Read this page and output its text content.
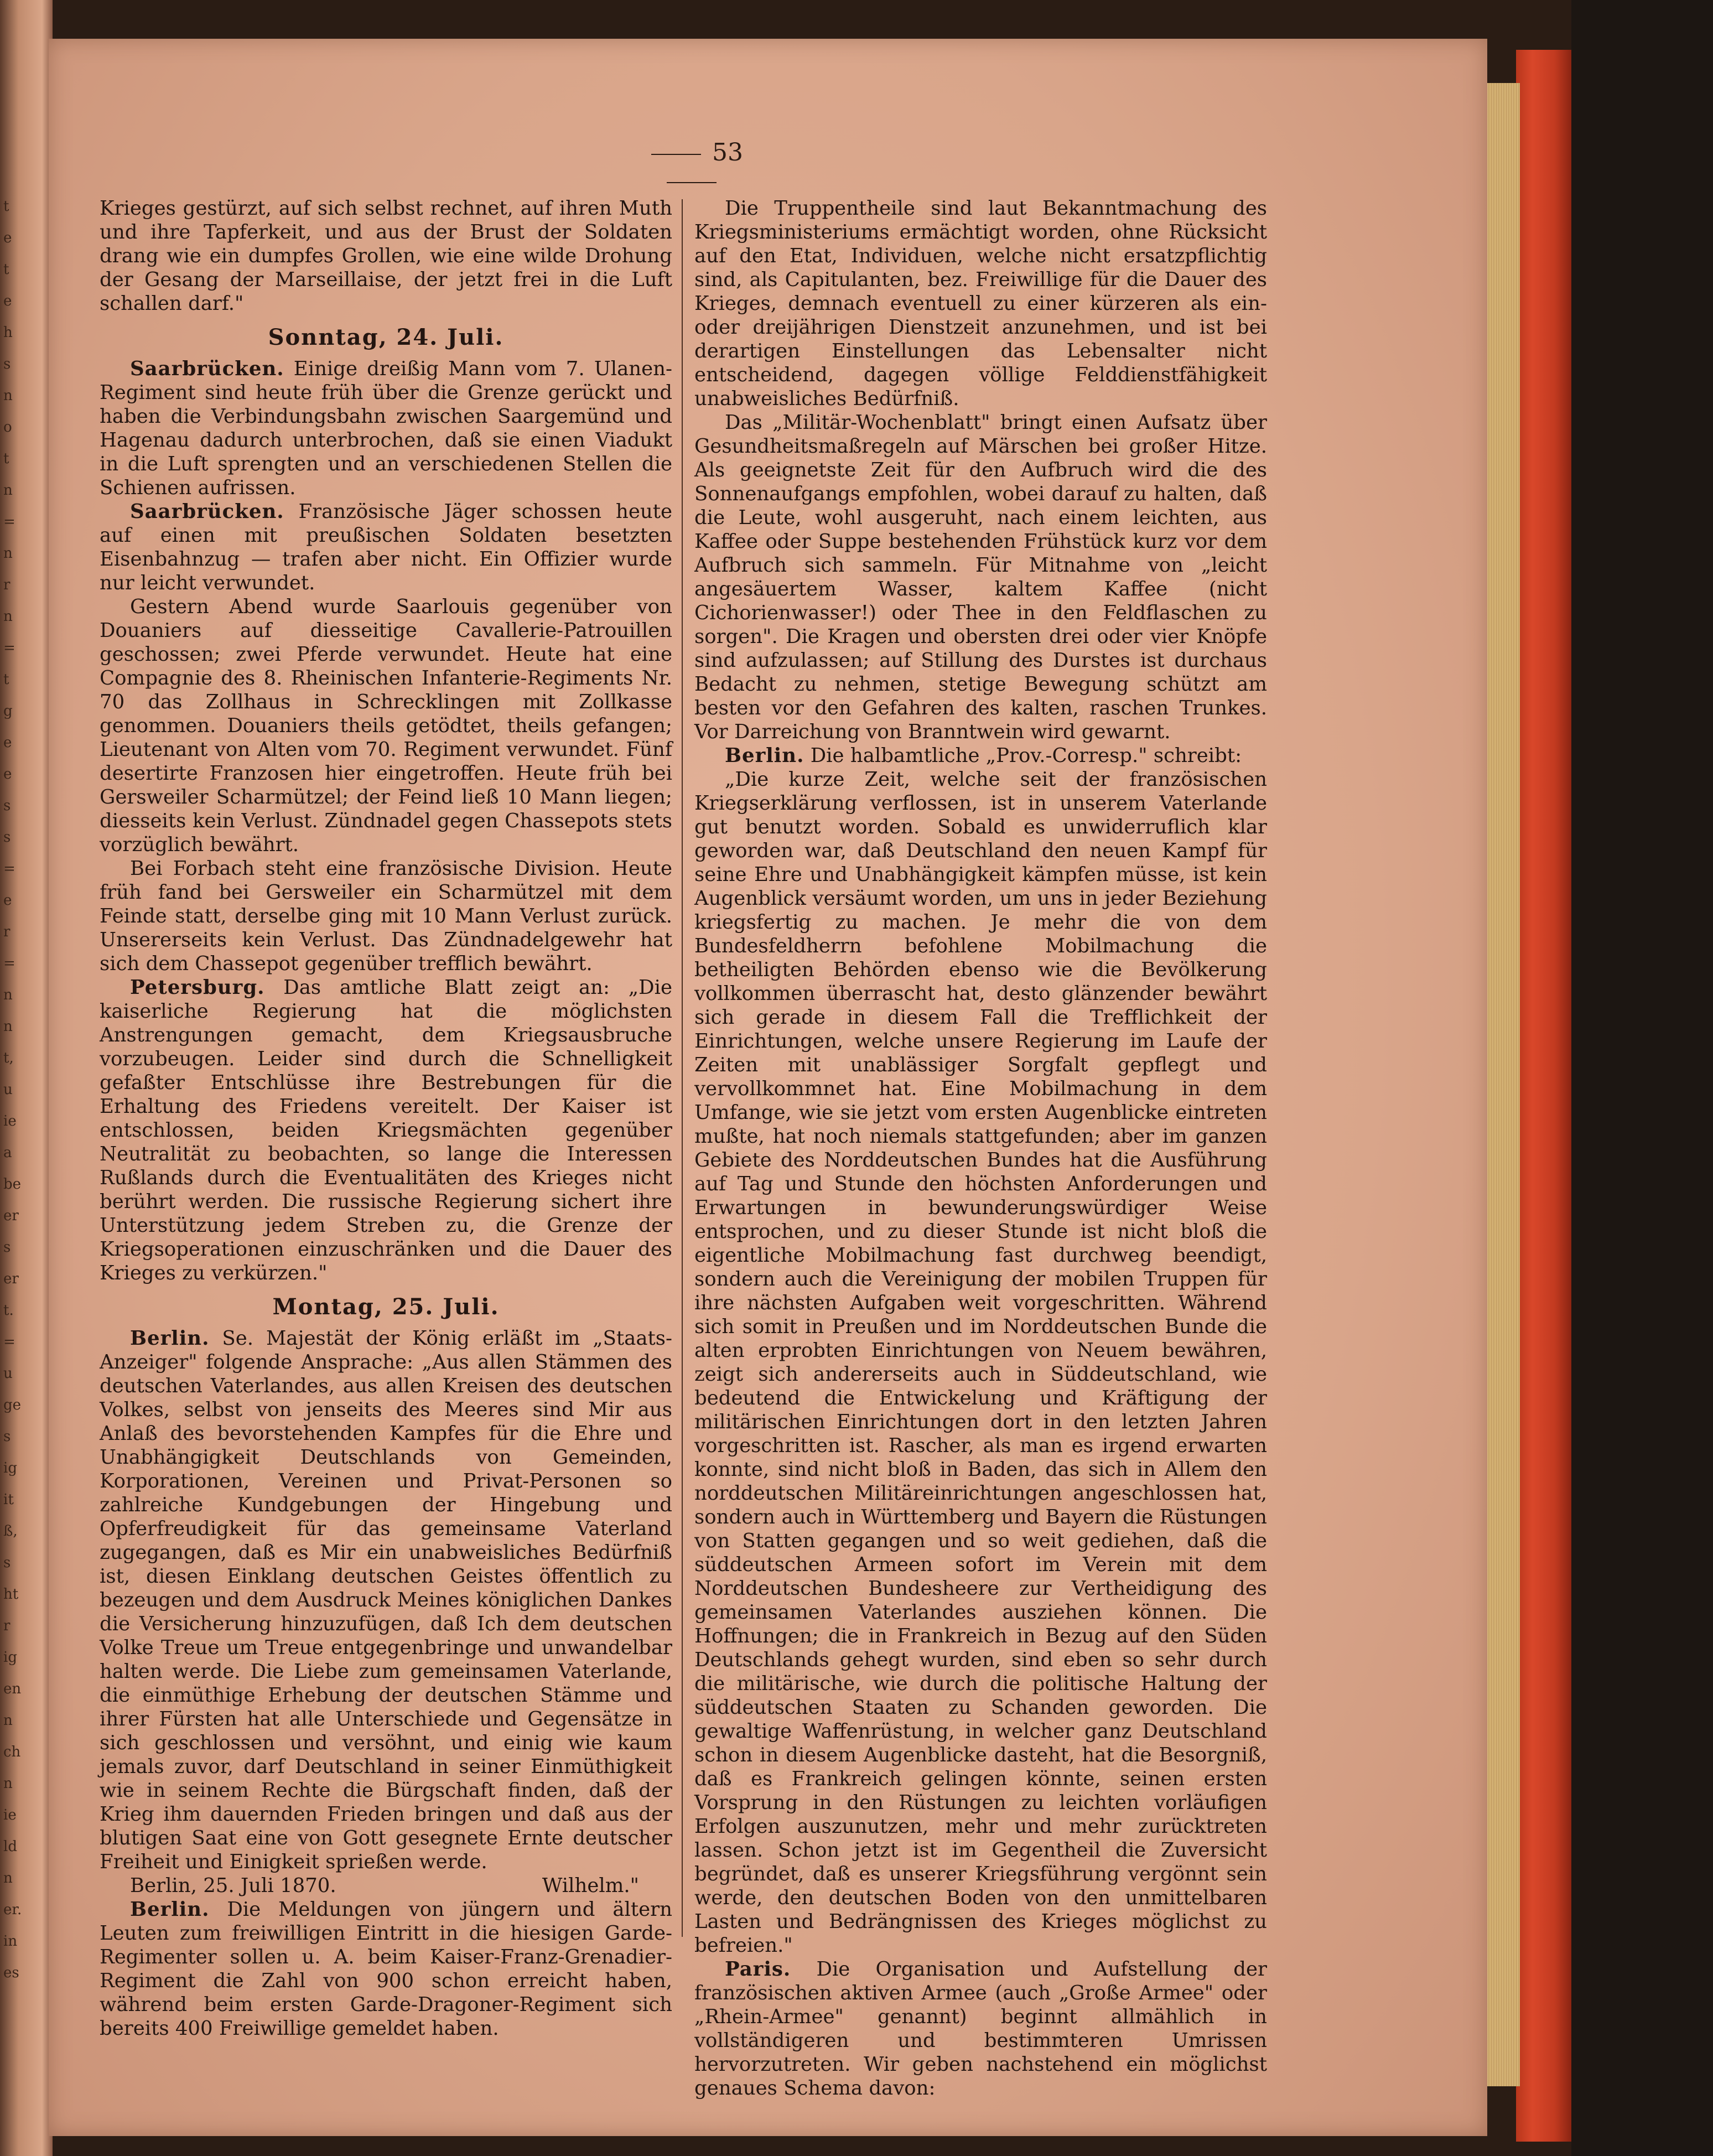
t
e
t
e
h
s
n
o
t
n
=
n
r
n
=
t
g
e
e
s
s
=
e
r
=
n
n
t,
u
ie
a
be
er
s
er
t.
=
u
ge
s
ig
it
ß,
s
ht
r
ig
en
n
ch
n
ie
ld
n
er.
in
es
53

Krieges gestürzt, auf sich selbst rechnet, auf ihren Muth und ihre Tapferkeit, und aus der Brust der Soldaten drang wie ein dumpfes Grollen, wie eine wilde Drohung der Gesang der Marseillaise, der jetzt frei in die Luft schallen darf."

Sonntag, 24. Juli.

Saarbrücken. Einige dreißig Mann vom 7. Ulanen-Regiment sind heute früh über die Grenze gerückt und haben die Verbindungsbahn zwischen Saargemünd und Hagenau dadurch unterbrochen, daß sie einen Viadukt in die Luft sprengten und an verschiedenen Stellen die Schienen aufrissen.

Saarbrücken. Französische Jäger schossen heute auf einen mit preußischen Soldaten besetzten Eisenbahnzug — trafen aber nicht. Ein Offizier wurde nur leicht verwundet.

Gestern Abend wurde Saarlouis gegenüber von Douaniers auf diesseitige Cavallerie-Patrouillen geschossen; zwei Pferde verwundet. Heute hat eine Compagnie des 8. Rheinischen Infanterie-Regiments Nr. 70 das Zollhaus in Schrecklingen mit Zollkasse genommen. Douaniers theils getödtet, theils gefangen; Lieutenant von Alten vom 70. Regiment verwundet. Fünf desertirte Franzosen hier eingetroffen. Heute früh bei Gersweiler Scharmützel; der Feind ließ 10 Mann liegen; diesseits kein Verlust. Zündnadel gegen Chassepots stets vorzüglich bewährt.

Bei Forbach steht eine französische Division. Heute früh fand bei Gersweiler ein Scharmützel mit dem Feinde statt, derselbe ging mit 10 Mann Verlust zurück. Unsererseits kein Verlust. Das Zündnadelgewehr hat sich dem Chassepot gegenüber trefflich bewährt.

Petersburg. Das amtliche Blatt zeigt an: „Die kaiserliche Regierung hat die möglichsten Anstrengungen gemacht, dem Kriegsausbruche vorzubeugen. Leider sind durch die Schnelligkeit gefaßter Entschlüsse ihre Bestrebungen für die Erhaltung des Friedens vereitelt. Der Kaiser ist entschlossen, beiden Kriegsmächten gegenüber Neutralität zu beobachten, so lange die Interessen Rußlands durch die Eventualitäten des Krieges nicht berührt werden. Die russische Regierung sichert ihre Unterstützung jedem Streben zu, die Grenze der Kriegsoperationen einzuschränken und die Dauer des Krieges zu verkürzen."

Montag, 25. Juli.

Berlin. Se. Majestät der König erläßt im „Staats-Anzeiger" folgende Ansprache: „Aus allen Stämmen des deutschen Vaterlandes, aus allen Kreisen des deutschen Volkes, selbst von jenseits des Meeres sind Mir aus Anlaß des bevorstehenden Kampfes für die Ehre und Unabhängigkeit Deutschlands von Gemeinden, Korporationen, Vereinen und Privat-Personen so zahlreiche Kundgebungen der Hingebung und Opferfreudigkeit für das gemeinsame Vaterland zugegangen, daß es Mir ein unabweisliches Bedürfniß ist, diesen Einklang deutschen Geistes öffentlich zu bezeugen und dem Ausdruck Meines königlichen Dankes die Versicherung hinzuzufügen, daß Ich dem deutschen Volke Treue um Treue entgegenbringe und unwandelbar halten werde. Die Liebe zum gemeinsamen Vaterlande, die einmüthige Erhebung der deutschen Stämme und ihrer Fürsten hat alle Unterschiede und Gegensätze in sich geschlossen und versöhnt, und einig wie kaum jemals zuvor, darf Deutschland in seiner Einmüthigkeit wie in seinem Rechte die Bürgschaft finden, daß der Krieg ihm dauernden Frieden bringen und daß aus der blutigen Saat eine von Gott gesegnete Ernte deutscher Freiheit und Einigkeit sprießen werde.

Berlin, 25. Juli 1870.	Wilhelm."

Berlin. Die Meldungen von jüngern und ältern Leuten zum freiwilligen Eintritt in die hiesigen Garde-Regimenter sollen u. A. beim Kaiser-Franz-Grenadier-Regiment die Zahl von 900 schon erreicht haben, während beim ersten Garde-Dragoner-Regiment sich bereits 400 Freiwillige gemeldet haben.

Die Truppentheile sind laut Bekanntmachung des Kriegsministeriums ermächtigt worden, ohne Rücksicht auf den Etat, Individuen, welche nicht ersatzpflichtig sind, als Capitulanten, bez. Freiwillige für die Dauer des Krieges, demnach eventuell zu einer kürzeren als ein- oder dreijährigen Dienstzeit anzunehmen, und ist bei derartigen Einstellungen das Lebensalter nicht entscheidend, dagegen völlige Felddienstfähigkeit unabweisliches Bedürfniß.

Das „Militär-Wochenblatt" bringt einen Aufsatz über Gesundheitsmaßregeln auf Märschen bei großer Hitze. Als geeignetste Zeit für den Aufbruch wird die des Sonnenaufgangs empfohlen, wobei darauf zu halten, daß die Leute, wohl ausgeruht, nach einem leichten, aus Kaffee oder Suppe bestehenden Frühstück kurz vor dem Aufbruch sich sammeln. Für Mitnahme von „leicht angesäuertem Wasser, kaltem Kaffee (nicht Cichorienwasser!) oder Thee in den Feldflaschen zu sorgen". Die Kragen und obersten drei oder vier Knöpfe sind aufzulassen; auf Stillung des Durstes ist durchaus Bedacht zu nehmen, stetige Bewegung schützt am besten vor den Gefahren des kalten, raschen Trunkes. Vor Darreichung von Branntwein wird gewarnt.

Berlin. Die halbamtliche „Prov.-Corresp." schreibt:

„Die kurze Zeit, welche seit der französischen Kriegserklärung verflossen, ist in unserem Vaterlande gut benutzt worden. Sobald es unwiderruflich klar geworden war, daß Deutschland den neuen Kampf für seine Ehre und Unabhängigkeit kämpfen müsse, ist kein Augenblick versäumt worden, um uns in jeder Beziehung kriegsfertig zu machen. Je mehr die von dem Bundesfeldherrn befohlene Mobilmachung die betheiligten Behörden ebenso wie die Bevölkerung vollkommen überrascht hat, desto glänzender bewährt sich gerade in diesem Fall die Trefflichkeit der Einrichtungen, welche unsere Regierung im Laufe der Zeiten mit unablässiger Sorgfalt gepflegt und vervollkommnet hat. Eine Mobilmachung in dem Umfange, wie sie jetzt vom ersten Augenblicke eintreten mußte, hat noch niemals stattgefunden; aber im ganzen Gebiete des Norddeutschen Bundes hat die Ausführung auf Tag und Stunde den höchsten Anforderungen und Erwartungen in bewunderungswürdiger Weise entsprochen, und zu dieser Stunde ist nicht bloß die eigentliche Mobilmachung fast durchweg beendigt, sondern auch die Vereinigung der mobilen Truppen für ihre nächsten Aufgaben weit vorgeschritten. Während sich somit in Preußen und im Norddeutschen Bunde die alten erprobten Einrichtungen von Neuem bewähren, zeigt sich andererseits auch in Süddeutschland, wie bedeutend die Entwickelung und Kräftigung der militärischen Einrichtungen dort in den letzten Jahren vorgeschritten ist. Rascher, als man es irgend erwarten konnte, sind nicht bloß in Baden, das sich in Allem den norddeutschen Militäreinrichtungen angeschlossen hat, sondern auch in Württemberg und Bayern die Rüstungen von Statten gegangen und so weit gediehen, daß die süddeutschen Armeen sofort im Verein mit dem Norddeutschen Bundesheere zur Vertheidigung des gemeinsamen Vaterlandes ausziehen können. Die Hoffnungen; die in Frankreich in Bezug auf den Süden Deutschlands gehegt wurden, sind eben so sehr durch die militärische, wie durch die politische Haltung der süddeutschen Staaten zu Schanden geworden. Die gewaltige Waffenrüstung, in welcher ganz Deutschland schon in diesem Augenblicke dasteht, hat die Besorgniß, daß es Frankreich gelingen könnte, seinen ersten Vorsprung in den Rüstungen zu leichten vorläufigen Erfolgen auszunutzen, mehr und mehr zurücktreten lassen. Schon jetzt ist im Gegentheil die Zuversicht begründet, daß es unserer Kriegsführung vergönnt sein werde, den deutschen Boden von den unmittelbaren Lasten und Bedrängnissen des Krieges möglichst zu befreien."

Paris. Die Organisation und Aufstellung der französischen aktiven Armee (auch „Große Armee" oder „Rhein-Armee" genannt) beginnt allmählich in vollständigeren und bestimmteren Umrissen hervorzutreten. Wir geben nachstehend ein möglichst genaues Schema davon:
